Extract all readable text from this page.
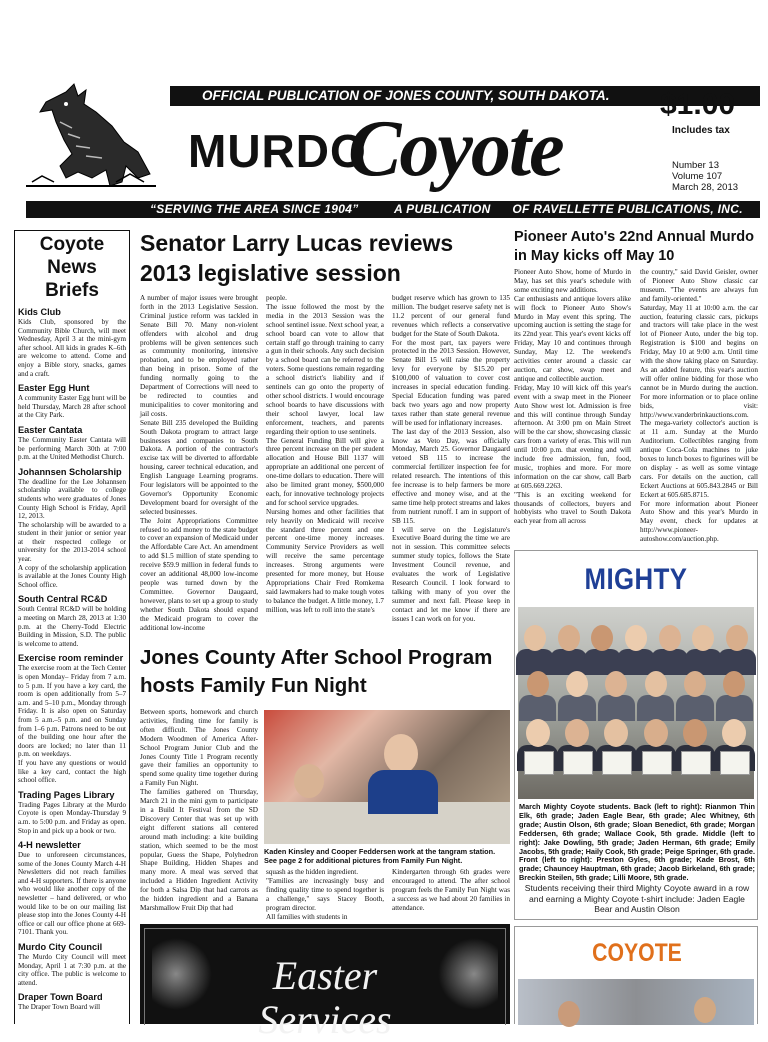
OFFICIAL PUBLICATION OF JONES COUNTY, SOUTH DAKOTA.
MURDO
Coyote
$1.00
Includes tax
Number 13
Volume 107
March 28, 2013
“SERVING THE AREA SINCE 1904”	A PUBLICATION      OF RAVELLETTE PUBLICATIONS, INC.
Coyote News Briefs
Kids Club
Kids Club, sponsored by the Community Bible Church, will meet Wednesday, April 3 at the mini-gym after school. All kids in grades K–6th are welcome to attend. Come and enjoy a Bible story, snacks, games and a craft.
Easter Egg Hunt
A community Easter Egg hunt will be held Thursday, March 28 after school at the City Park.
Easter Cantata
The Community Easter Cantata will be performing March 30th at 7:00 p.m. at the United Methodist Church.
Johannsen Scholarship
The deadline for the Lee Johannsen scholarship available to college students who were graduates of Jones County High School is Friday, April 12, 2013.
The scholarship will be awarded to a student in their junior or senior year at their respected college or university for the 2013-2014 school year.
A copy of the scholarship application is available at the Jones County High School office.
South Central RC&D
South Central RC&D will be holding a meeting on March 28, 2013 at 1:30 p.m. at the Cherry-Todd Electric Building in Mission, S.D. The public is welcome to attend.
Exercise room reminder
The exercise room at the Tech Center is open Monday– Friday from 7 a.m. to 5 p.m. If you have a key card, the room is open additionally from 5–7 a.m. and 5–10 p.m., Monday through Friday. It is also open on Saturday from 5 a.m.–5 p.m. and on Sunday from 1–6 p.m. Patrons need to be out of the building one hour after the doors are locked; no later than 11 p.m. on weekdays.
If you have any questions or would like a key card, contact the high school office.
Trading Pages Library
Trading Pages Library at the Murdo Coyote is open Monday-Thursday 9 a.m. to 5:00 p.m. and Friday as open. Stop in and pick up a book or two.
4-H newsletter
Due to unforeseen circumstances, some of the Jones County March 4-H Newsletters did not reach families and 4-H supporters. If there is anyone who would like another copy of the newsletter – hand delivered, or who would like to be on our mailing list please stop into the Jones County 4-H office or call our office phone at 669-7101. Thank you.
Murdo City Council
The Murdo City Council will meet Monday, April 1 at 7:30 p.m. at the city office. The public is welcome to attend.
Draper Town Board
The Draper Town Board will
Senator Larry Lucas reviews 2013 legislative session
A number of major issues were brought forth in the 2013 Legislative Session. Criminal justice reform was tackled in Senate Bill 70. Many non-violent offenders with alcohol and drug problems will be given sentences such as community monitoring, intensive probation, and to be employed rather than being in prison. Some of the funding normally going to the Department of Corrections will need to be redirected to counties and municipalities to cover monitoring and jail costs.
Senate Bill 235 developed the Building South Dakota program to attract large businesses and companies to South Dakota. A portion of the contractor's excise tax will be diverted to affordable housing, career technical education, and English Language Learning programs. Four legislators will be appointed to the Governor's Opportunity Economic Development board for oversight of the selected businesses.
The Joint Appropriations Committee refused to add money to the state budget to cover an expansion of Medicaid under the Affordable Care Act. An amendment to add $1.5 million of state spending to receive $59.9 million in federal funds to cover an additional 48,000 low-income people was turned down by the Committee. Governor Daugaard, however, plans to set up a group to study whether South Dakota should expand the Medicaid program to cover the additional low-income
people.
The issue followed the most by the media in the 2013 Session was the school sentinel issue. Next school year, a school board can vote to allow that certain staff go through training to carry a gun in their schools. Any such decision by a school board can be referred to the voters. Some questions remain regarding a school district's liability and if sentinels can go onto the property of other school districts. I would encourage school boards to have discussions with their school lawyer, local law enforcement, teachers, and parents regarding their option to use sentinels.
The General Funding Bill will give a three percent increase on the per student allocation and House Bill 1137 will appropriate an additional one percent of one-time dollars to education. There will also be limited grant money, $500,000 each, for innovative technology projects and for school service upgrades.
Nursing homes and other facilities that rely heavily on Medicaid will receive the standard three percent and one percent one-time money increases. Community Service Providers as well will receive the same percentage increases. Strong arguments were presented for more money, but House Appropriations Chair Fred Romkema said lawmakers had to make tough votes to balance the budget. A little money, 1.7 million, was left to roll into the state's
budget reserve which has grown to 135 million. The budget reserve safety net is 11.2 percent of our general fund revenues which reflects a conservative budget for the State of South Dakota.
For the most part, tax payers were protected in the 2013 Session. However, Senate Bill 15 will raise the property levy for everyone by $15.20 per $100,000 of valuation to cover cost increases in special education funding. Special Education funding was pared back two years ago and now property taxes rather than state general revenue will be used for inflationary increases.
The last day of the 2013 Session, also know as Veto Day, was officially Monday, March 25. Governor Daugaard vetoed SB 115 to increase the commercial fertilizer inspection fee for related research. The intentions of this fee increase is to help farmers be more effective and money wise, and at the same time help protect streams and lakes from nutrient runoff. I am in support of SB 115.
I will serve on the Legislature's Executive Board during the time we are not in session. This committee selects summer study topics, follows the State Investment Council revenue, and evaluates the work of Legislative Research Council. I look forward to talking with many of you over the summer and next fall. Please keep in contact and let me know if there are issues I can work on for you.
Pioneer Auto's 22nd Annual Murdo in May kicks off May 10
Pioneer Auto Show, home of Murdo in May, has set this year's schedule with some exciting new additions.
Car enthusiasts and antique lovers alike will flock to Pioneer Auto Show's Murdo in May event this spring. The upcoming auction is setting the stage for its 22nd year. This year's event kicks off Friday, May 10 and continues through Sunday, May 12. The weekend's activities center around a classic car auction, car show, swap meet and antique and collectible auction.
Friday, May 10 will kick off this year's event with a swap meet in the Pioneer Auto Show west lot. Admission is free and this will continue through Sunday afternoon. At 3:00 pm on Main Street will be the car show, showcasing classic cars from a variety of eras. This will run until 10:00 p.m. that evening and will include free admission, fun, food, music, trophies and more. For more information on the car show, call Barb at 605.669.2263.
"This is an exciting weekend for thousands of collectors, buyers and hobbyists who travel to South Dakota each year from all across
the country," said David Geisler, owner of Pioneer Auto Show classic car museum. "The events are always fun and family-oriented."
Saturday, May 11 at 10:00 a.m. the car auction, featuring classic cars, pickups and tractors will take place in the west lot of Pioneer Auto, under the big top. Registration is $100 and begins on Friday, May 10 at 9:00 a.m. Until time with the show taking place on Saturday. As an added feature, this year's auction will offer online bidding for those who cannot be in Murdo during the auction. For more information or to place online bids, visit: http://www.vanderbrinkauctions.com.
The mega-variety collector's auction is at 11 a.m. Sunday at the Murdo Auditorium. Collectibles ranging from antique Coca-Cola machines to juke boxes to lunch boxes to figurines will be on display - as well as some vintage cars. For details on the auction, call Eckert Auctions at 605.843.2845 or Bill Eckert at 605.685.8715.
For more information about Pioneer Auto Show and this year's Murdo in May event, check for updates at http://www.pioneer-autoshow.com/auction.php.
MIGHTY
March Mighty Coyote students. Back (left to right): Rianmon Thin Elk, 6th grade; Jaden Eagle Bear, 6th grade; Alec Whitney, 6th grade; Austin Olson, 6th grade; Sloan Benedict, 6th grade; Morgan Feddersen, 6th grade; Wallace Cook, 5th grade. Middle (left to right): Jake Dowling, 5th grade; Jaden Herman, 6th grade; Emily Jacobs, 5th grade; Haily Cook, 5th grade; Peige Springer, 6th grade. Front (left to right): Preston Gyles, 6th grade; Kade Brost, 6th grade; Chauncey Hauptman, 6th grade; Jacob Birkeland, 6th grade; Breckin Steilen, 5th grade; Lilli Moore, 5th grade.
Students receiving their third Mighty Coyote award in a row and earning a Mighty Coyote t-shirt include: Jaden Eagle Bear and Austin Olson
COYOTE
Jones County After School Program hosts Family Fun Night
Between sports, homework and church activities, finding time for family is often difficult. The Jones County Modern Woodmen of America After-School Program Junior Club and the Jones County Title 1 Program recently gave their families an opportunity to spend some quality time together during a Family Fun Night.
The families gathered on Thursday, March 21 in the mini gym to participate in a Build It Festival from the SD Discovery Center that was set up with eight different stations all centered around math including: a kite building station, which seemed to be the most popular, Guess the Shape, Polyhedron Shape Building, Hidden Shapes and many more. A meal was served that included a Hidden Ingredient Activity for both a Salsa Dip that had carrots as the hidden ingredient and a Banana Marshmallow Fruit Dip that had
Kaden Kinsley and Cooper Feddersen work at the tangram station. See page 2 for additional pictures from Family Fun Night.
squash as the hidden ingredient.
"Families are increasingly busy and finding quality time to spend together is a challenge," says Stacey Booth, program director.
All families with students in
Kindergarten through 6th grades were encouraged to attend. The after school program feels the Family Fun Night was a success as we had about 20 families in attendance.
Easter Services
